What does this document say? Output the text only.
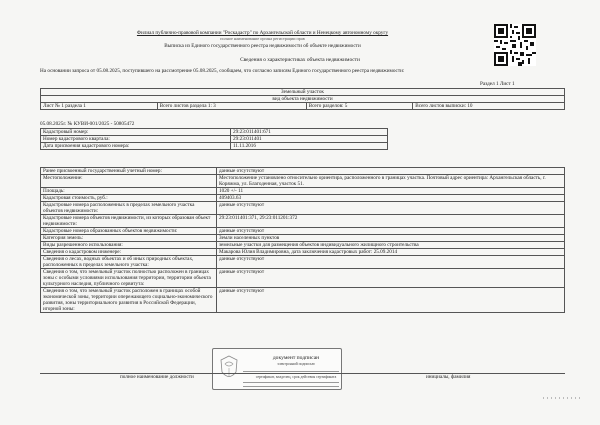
Филиал публично-правовой компании "Роскадастр" по Архангельской области и Ненецкому автономному округу
полное наименование органа регистрации прав
Выписка из Единого государственного реестра недвижимости об объекте недвижимости
Сведения о характеристиках объекта недвижимости
На основании запроса от 05.08.2025, поступившего на рассмотрение 05.08.2025, сообщаем, что согласно записям Единого государственного реестра недвижимости:
Раздел 1 Лист 1
Земельный участок
вид объекта недвижимости
Лист № 1 раздела 1	Всего листов раздела 1: 3	Всего разделов: 5	Всего листов выписки: 10
05.08.2025г. № КУВИ-001/2025 - 50805472
Кадастровый номер:	29:23:011401:671
Номер кадастрового квартала:	29:23:011401
Дата присвоения кадастрового номера:	11.11.2016
Ранее присвоенный государственный учетный номер:	данные отсутствуют
Местоположение:	Местоположение установлено относительно ориентира, расположенного в границах участка. Почтовый адрес ориентира: Архангельская область, г. Коряжма, ул. Благоденная, участок 51.
Площадь:	1020 +/- 11
Кадастровая стоимость, руб.:	409403.63
Кадастровые номера расположенных в пределах земельного участка объектов недвижимости:	данные отсутствуют
Кадастровые номера объектов недвижимости, из которых образован объект недвижимости:	29:23:011401:371, 29:23:011201:372
Кадастровые номера образованных объектов недвижимости:	данные отсутствуют
Категория земель:	Земли населенных пунктов
Виды разрешенного использования:	земельные участки для размещения объектов индивидуального жилищного строительства
Сведения о кадастровом инженере:	Макарова Юлия Владимировна, дата заключения кадастровых работ: 25.09.2014
Сведения о лесах, водных объектах и об иных природных объектах, расположенных в пределах земельного участка:	данные отсутствуют
Сведения о том, что земельный участок полностью расположен в границах зоны с особыми условиями использования территории, территории объекта культурного наследия, публичного сервитута:	данные отсутствуют
Сведения о том, что земельный участок расположен в границах особой экономической зоны, территории опережающего социально-экономического развития, зоны территориального развития в Российской Федерации, игорной зоны:	данные отсутствуют
документ подписан
электронной подписью
сертификат, владелец, срок действия сертификата
полное наименование должности	инициалы, фамилия
